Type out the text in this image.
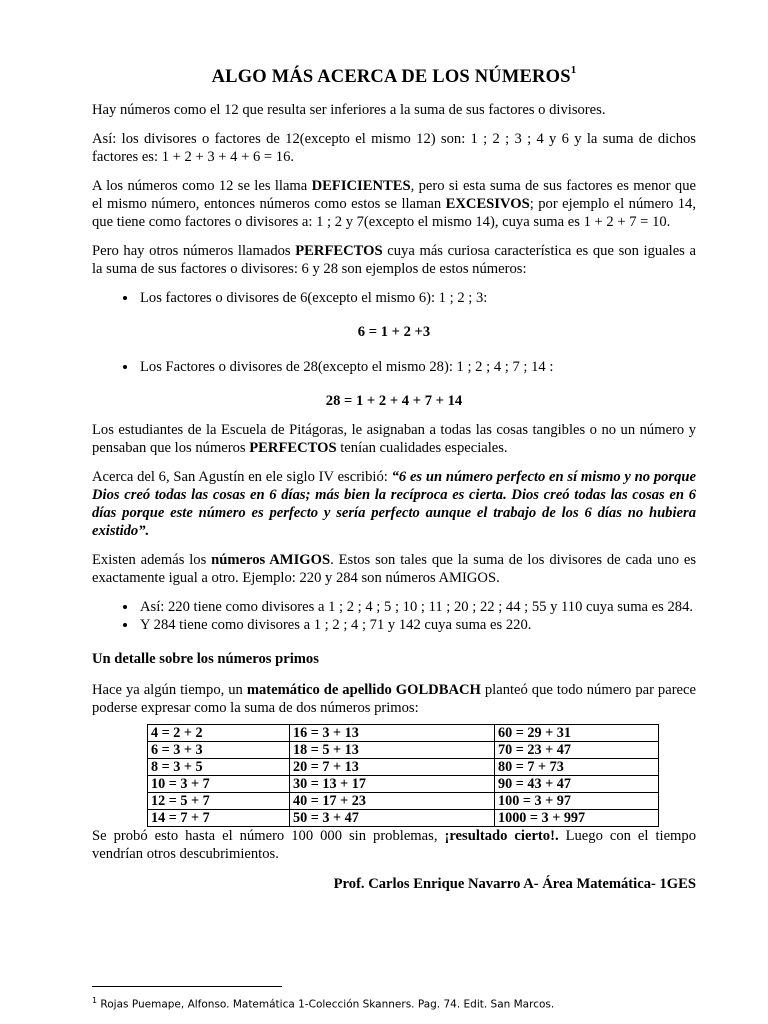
ALGO MÁS ACERCA DE LOS NÚMEROS$^1$

Hay números como el 12 que resulta ser inferiores a la suma de sus factores o divisores.

Así: los divisores o factores de 12(excepto el mismo 12) son: 1 ; 2 ; 3 ; 4 y 6 y la suma de dichos factores es: 1 + 2 + 3 + 4 + 6 = 16.

A los números como 12 se les llama DEFICIENTES, pero si esta suma de sus factores es menor que el mismo número, entonces números como estos se llaman EXCESIVOS; por ejemplo el número 14, que tiene como factores o divisores a: 1 ; 2 y 7(excepto el mismo 14), cuya suma es 1 + 2 + 7 = 10.

Pero hay otros números llamados PERFECTOS cuya más curiosa característica es que son iguales a la suma de sus factores o divisores: 6 y 28 son ejemplos de estos números:

• Los factores o divisores de 6(excepto el mismo 6): 1 ; 2 ; 3:
6 = 1 + 2 +3
• Los Factores o divisores de 28(excepto el mismo 28): 1 ; 2 ; 4 ; 7 ; 14 :
28 = 1 + 2 + 4 + 7 + 14

Los estudiantes de la Escuela de Pitágoras, le asignaban a todas las cosas tangibles o no un número y pensaban que los números PERFECTOS tenían cualidades especiales.

Acerca del 6, San Agustín en ele siglo IV escribió: “6 es un número perfecto en sí mismo y no porque Dios creó todas las cosas en 6 días; más bien la recíproca es cierta. Dios creó todas las cosas en 6 días porque este número es perfecto y sería perfecto aunque el trabajo de los 6 días no hubiera existido”.

Existen además los números AMIGOS. Estos son tales que la suma de los divisores de cada uno es exactamente igual a otro. Ejemplo: 220 y 284 son números AMIGOS.

• Así: 220 tiene como divisores a 1 ; 2 ; 4 ; 5 ; 10 ; 11 ; 20 ; 22 ; 44 ; 55 y 110 cuya suma es 284.
• Y 284 tiene como divisores a 1 ; 2 ; 4 ; 71 y 142 cuya suma es 220.
Un detalle sobre los números primos

Hace ya algún tiempo, un matemático de apellido GOLDBACH planteó que todo número par parece poderse expresar como la suma de dos números primos:

4 = 2 + 2	16 = 3 + 13	60 = 29 + 31
6 = 3 + 3	18 = 5 + 13	70 = 23 + 47
8 = 3 + 5	20 = 7 + 13	80 = 7 + 73
10 = 3 + 7	30 = 13 + 17	90 = 43 + 47
12 = 5 + 7	40 = 17 + 23	100 = 3 + 97
14 = 7 + 7	50 = 3 + 47	1000 = 3 + 997

Se probó esto hasta el número 100 000 sin problemas, ¡resultado cierto!. Luego con el tiempo vendrían otros descubrimientos.

Prof. Carlos Enrique Navarro A- Área Matemática- 1GES
$^1$ Rojas Puemape, Alfonso. Matemática 1-Colección Skanners. Pag. 74. Edit. San Marcos.
